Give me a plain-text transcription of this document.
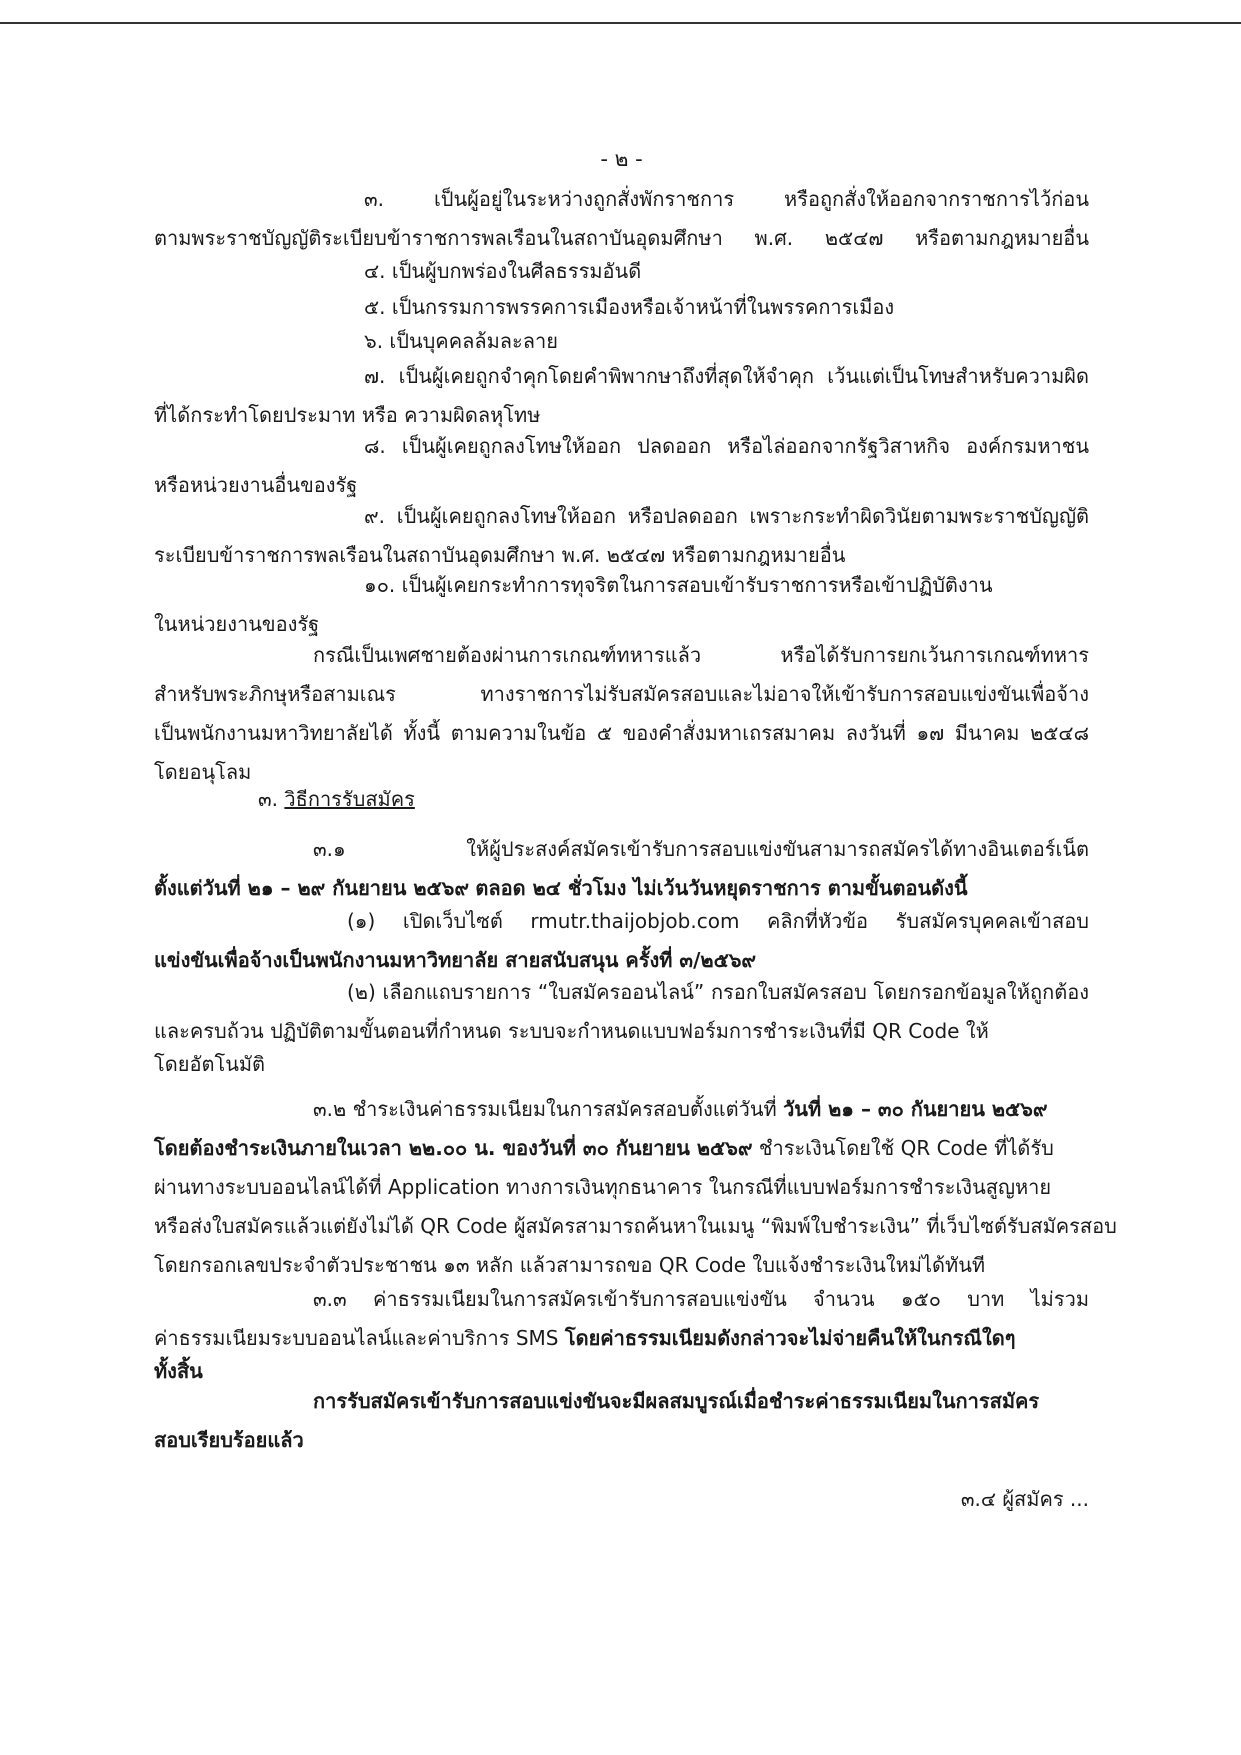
- ๒ -
๓. เป็นผู้อยู่ในระหว่างถูกสั่งพักราชการ หรือถูกสั่งให้ออกจากราชการไว้ก่อน
ตามพระราชบัญญัติระเบียบข้าราชการพลเรือนในสถาบันอุดมศึกษา พ.ศ. ๒๕๔๗ หรือตามกฎหมายอื่น
๔. เป็นผู้บกพร่องในศีลธรรมอันดี
๕. เป็นกรรมการพรรคการเมืองหรือเจ้าหน้าที่ในพรรคการเมือง
๖. เป็นบุคคลล้มละลาย
๗. เป็นผู้เคยถูกจำคุกโดยคำพิพากษาถึงที่สุดให้จำคุก เว้นแต่เป็นโทษสำหรับความผิด
ที่ได้กระทำโดยประมาท หรือ ความผิดลหุโทษ
๘. เป็นผู้เคยถูกลงโทษให้ออก ปลดออก หรือไล่ออกจากรัฐวิสาหกิจ องค์กรมหาชน
หรือหน่วยงานอื่นของรัฐ
๙. เป็นผู้เคยถูกลงโทษให้ออก หรือปลดออก เพราะกระทำผิดวินัยตามพระราชบัญญัติ
ระเบียบข้าราชการพลเรือนในสถาบันอุดมศึกษา พ.ศ. ๒๕๔๗ หรือตามกฎหมายอื่น
๑๐. เป็นผู้เคยกระทำการทุจริตในการสอบเข้ารับราชการหรือเข้าปฏิบัติงาน
ในหน่วยงานของรัฐ
กรณีเป็นเพศชายต้องผ่านการเกณฑ์ทหารแล้ว หรือได้รับการยกเว้นการเกณฑ์ทหาร
สำหรับพระภิกษุหรือสามเณร ทางราชการไม่รับสมัครสอบและไม่อาจให้เข้ารับการสอบแข่งขันเพื่อจ้าง
เป็นพนักงานมหาวิทยาลัยได้ ทั้งนี้ ตามความในข้อ ๕ ของคำสั่งมหาเถรสมาคม ลงวันที่ ๑๗ มีนาคม ๒๕๔๘
โดยอนุโลม
๓. วิธีการรับสมัคร
๓.๑ ให้ผู้ประสงค์สมัครเข้ารับการสอบแข่งขันสามารถสมัครได้ทางอินเตอร์เน็ต
ตั้งแต่วันที่ ๒๑ – ๒๙ กันยายน ๒๕๖๙ ตลอด ๒๔ ชั่วโมง ไม่เว้นวันหยุดราชการ ตามขั้นตอนดังนี้
(๑) เปิดเว็บไซต์ rmutr.thaijobjob.com คลิกที่หัวข้อ รับสมัครบุคคลเข้าสอบ
แข่งขันเพื่อจ้างเป็นพนักงานมหาวิทยาลัย สายสนับสนุน ครั้งที่ ๓/๒๕๖๙
(๒) เลือกแถบรายการ “ใบสมัครออนไลน์” กรอกใบสมัครสอบ โดยกรอกข้อมูลให้ถูกต้อง
และครบถ้วน ปฏิบัติตามขั้นตอนที่กำหนด ระบบจะกำหนดแบบฟอร์มการชำระเงินที่มี QR Code ให้
โดยอัตโนมัติ
๓.๒ ชำระเงินค่าธรรมเนียมในการสมัครสอบตั้งแต่วันที่ วันที่ ๒๑ – ๓๐ กันยายน ๒๕๖๙
โดยต้องชำระเงินภายในเวลา ๒๒.๐๐ น. ของวันที่ ๓๐ กันยายน ๒๕๖๙ ชำระเงินโดยใช้ QR Code ที่ได้รับ
ผ่านทางระบบออนไลน์ได้ที่ Application ทางการเงินทุกธนาคาร ในกรณีที่แบบฟอร์มการชำระเงินสูญหาย
หรือส่งใบสมัครแล้วแต่ยังไม่ได้ QR Code ผู้สมัครสามารถค้นหาในเมนู “พิมพ์ใบชำระเงิน” ที่เว็บไซต์รับสมัครสอบ
โดยกรอกเลขประจำตัวประชาชน ๑๓ หลัก แล้วสามารถขอ QR Code ใบแจ้งชำระเงินใหม่ได้ทันที
๓.๓ ค่าธรรมเนียมในการสมัครเข้ารับการสอบแข่งขัน จำนวน ๑๕๐ บาท ไม่รวม
ค่าธรรมเนียมระบบออนไลน์และค่าบริการ SMS โดยค่าธรรมเนียมดังกล่าวจะไม่จ่ายคืนให้ในกรณีใดๆ
ทั้งสิ้น
การรับสมัครเข้ารับการสอบแข่งขันจะมีผลสมบูรณ์เมื่อชำระค่าธรรมเนียมในการสมัคร
สอบเรียบร้อยแล้ว
๓.๔ ผู้สมัคร ...
